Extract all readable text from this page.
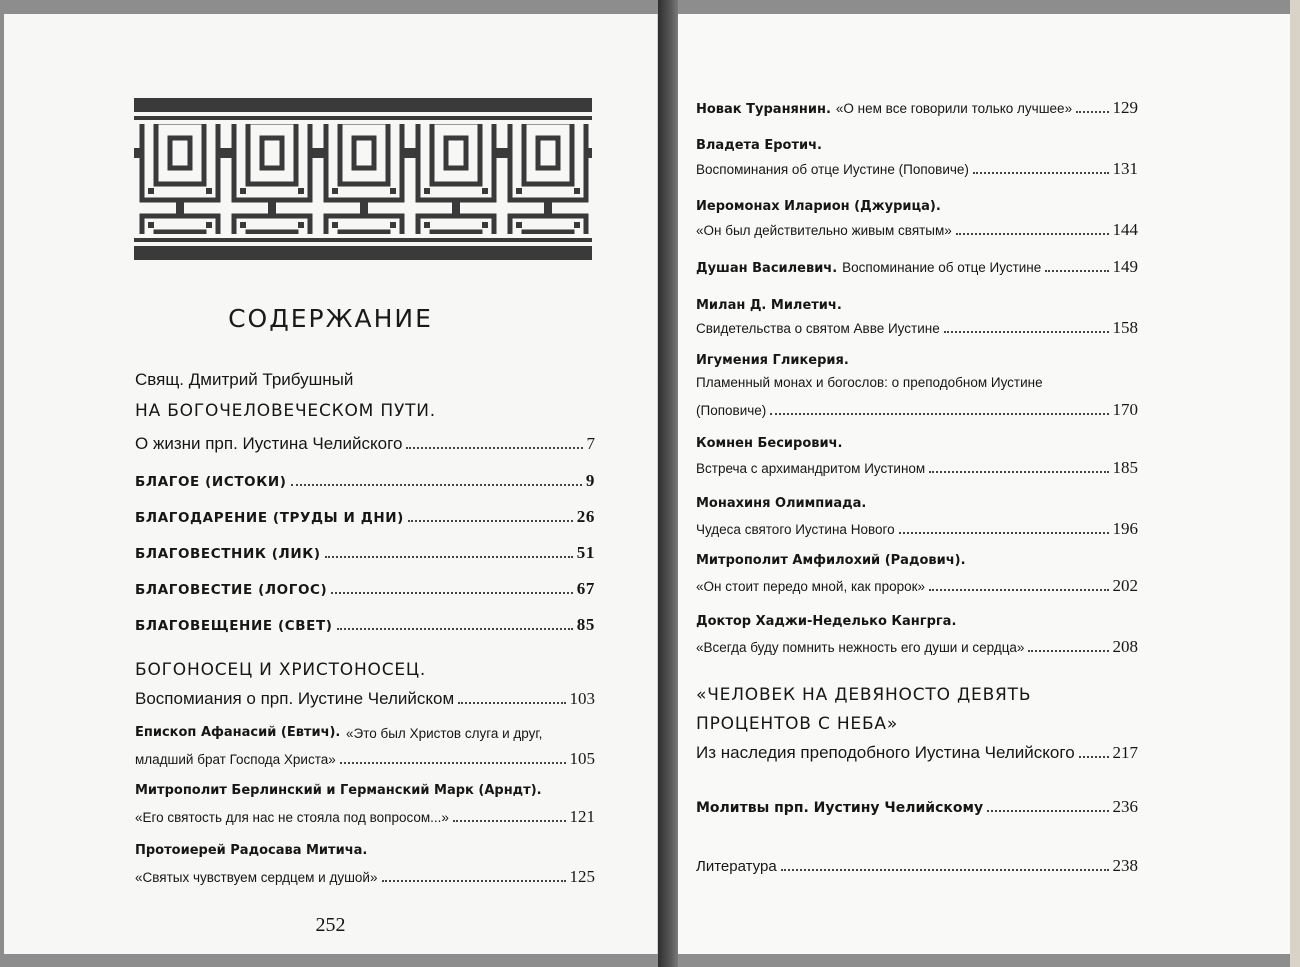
СОДЕРЖАНИЕ
Свящ. Дмитрий Трибушный
НА БОГОЧЕЛОВЕЧЕСКОМ ПУТИ.
О жизни прп. Иустина Челийского	7
БЛАГОЕ (ИСТОКИ)	9
БЛАГОДАРЕНИЕ (ТРУДЫ И ДНИ)	26
БЛАГОВЕСТНИК (ЛИК)	51
БЛАГОВЕСТИЕ (ЛОГОС)	67
БЛАГОВЕЩЕНИЕ (СВЕТ)	85
БОГОНОСЕЦ И ХРИСТОНОСЕЦ.
Воспомиания о прп. Иустине Челийском	103
Епископ Афанасий (Евтич). «Это был Христов слуга и друг,
младший брат Господа Христа»	105
Митрополит Берлинский и Германский Марк (Арндт).
«Его святость для нас не стояла под вопросом...»	121
Протоиерей Радосава Митича.
«Святых чувствуем сердцем и душой»	125
252
Новак Туранянин. «О нем все говорили только лучшее» 129
Владета Еротич.
Воспоминания об отце Иустине (Поповиче)	131
Иеромонах Иларион (Джурица).
«Он был действительно живым святым»	144
Душан Василевич. Воспоминание об отце Иустине	149
Милан Д. Милетич.
Свидетельства о святом Авве Иустине	158
Игумения Гликерия.
Пламенный монах и богослов: о преподобном Иустине
(Поповиче)	170
Комнен Бесирович.
Встреча с архимандритом Иустином	185
Монахиня Олимпиада.
Чудеса святого Иустина Нового	196
Митрополит Амфилохий (Радович).
«Он стоит передо мной, как пророк»	202
Доктор Хаджи-Неделько Кангрга.
«Всегда буду помнить нежность его души и сердца»	208
«ЧЕЛОВЕК НА ДЕВЯНОСТО ДЕВЯТЬ
ПРОЦЕНТОВ С НЕБА»
Из наследия преподобного Иустина Челийского 217
Молитвы прп. Иустину Челийскому	236
Литература	238
